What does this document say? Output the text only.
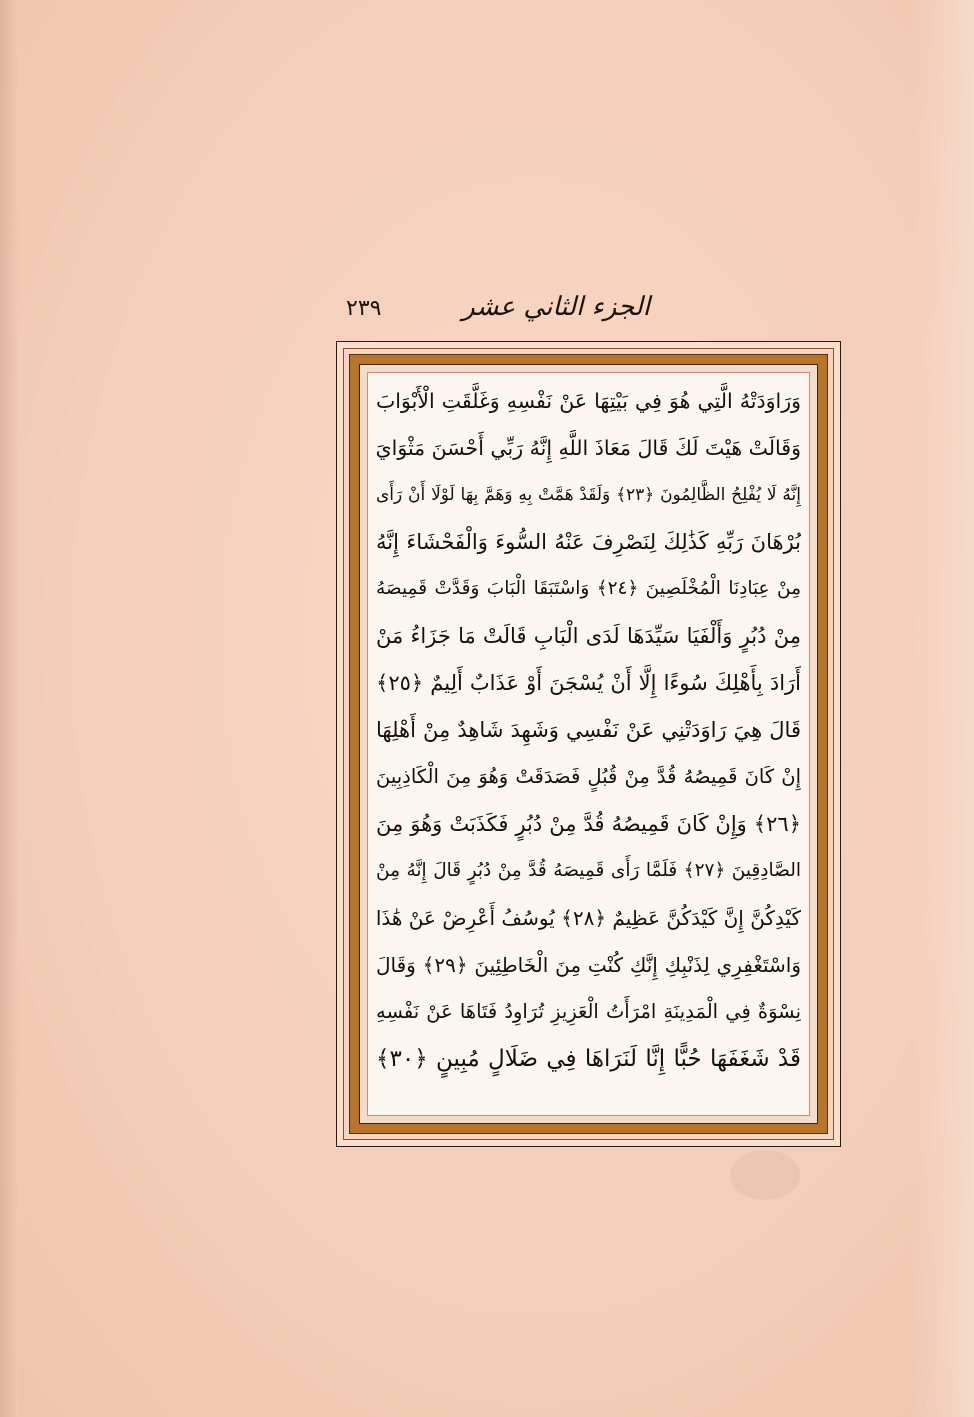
٢٣٩	الجزء الثاني عشر
وَرَاوَدَتْهُ الَّتِي هُوَ فِي بَيْتِهَا عَنْ نَفْسِهِ وَغَلَّقَتِ الْأَبْوَابَ
وَقَالَتْ هَيْتَ لَكَ قَالَ مَعَاذَ اللَّهِ إِنَّهُ رَبِّي أَحْسَنَ مَثْوَايَ
إِنَّهُ لَا يُفْلِحُ الظَّالِمُونَ ﴿٢٣﴾ وَلَقَدْ هَمَّتْ بِهِ وَهَمَّ بِهَا لَوْلَا أَنْ رَأَى
بُرْهَانَ رَبِّهِ كَذَٰلِكَ لِنَصْرِفَ عَنْهُ السُّوءَ وَالْفَحْشَاءَ إِنَّهُ
مِنْ عِبَادِنَا الْمُخْلَصِينَ ﴿٢٤﴾ وَاسْتَبَقَا الْبَابَ وَقَدَّتْ قَمِيصَهُ
مِنْ دُبُرٍ وَأَلْفَيَا سَيِّدَهَا لَدَى الْبَابِ قَالَتْ مَا جَزَاءُ مَنْ
أَرَادَ بِأَهْلِكَ سُوءًا إِلَّا أَنْ يُسْجَنَ أَوْ عَذَابٌ أَلِيمٌ ﴿٢٥﴾
قَالَ هِيَ رَاوَدَتْنِي عَنْ نَفْسِي وَشَهِدَ شَاهِدٌ مِنْ أَهْلِهَا
إِنْ كَانَ قَمِيصُهُ قُدَّ مِنْ قُبُلٍ فَصَدَقَتْ وَهُوَ مِنَ الْكَاذِبِينَ
﴿٢٦﴾ وَإِنْ كَانَ قَمِيصُهُ قُدَّ مِنْ دُبُرٍ فَكَذَبَتْ وَهُوَ مِنَ
الصَّادِقِينَ ﴿٢٧﴾ فَلَمَّا رَأَى قَمِيصَهُ قُدَّ مِنْ دُبُرٍ قَالَ إِنَّهُ مِنْ
كَيْدِكُنَّ إِنَّ كَيْدَكُنَّ عَظِيمٌ ﴿٢٨﴾ يُوسُفُ أَعْرِضْ عَنْ هَٰذَا
وَاسْتَغْفِرِي لِذَنْبِكِ إِنَّكِ كُنْتِ مِنَ الْخَاطِئِينَ ﴿٢٩﴾ وَقَالَ
نِسْوَةٌ فِي الْمَدِينَةِ امْرَأَتُ الْعَزِيزِ تُرَاوِدُ فَتَاهَا عَنْ نَفْسِهِ
قَدْ شَغَفَهَا حُبًّا إِنَّا لَنَرَاهَا فِي ضَلَالٍ مُبِينٍ ﴿٣٠﴾
